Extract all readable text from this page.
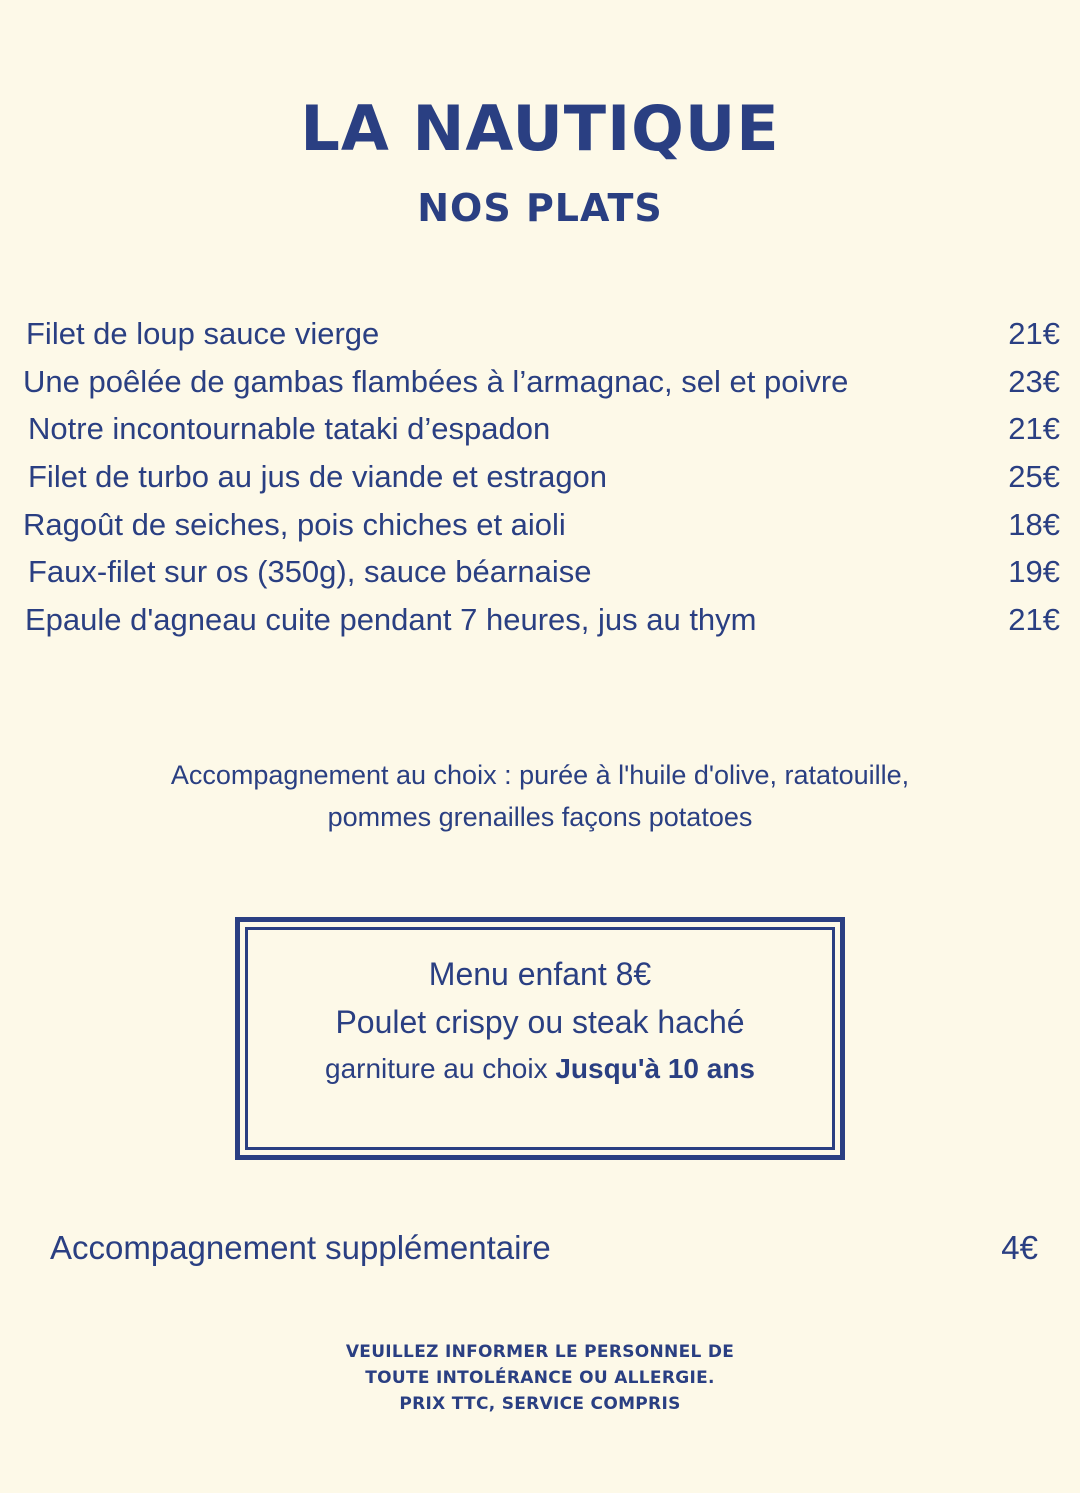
LA NAUTIQUE
NOS PLATS
Filet de loup sauce vierge	21€
Une poêlée de gambas flambées à l’armagnac, sel et poivre	23€
Notre incontournable tataki d’espadon	21€
Filet de turbo au jus de viande et estragon	25€
Ragoût de seiches, pois chiches et aioli	18€
Faux-filet sur os (350g), sauce béarnaise	19€
Epaule d'agneau cuite pendant 7 heures, jus au thym	21€
Accompagnement au choix : purée à l'huile d'olive, ratatouille,
pommes grenailles façons potatoes
Menu enfant 8€
Poulet crispy ou steak haché
garniture au choix Jusqu'à 10 ans
Accompagnement supplémentaire	4€
VEUILLEZ INFORMER LE PERSONNEL DE
TOUTE INTOLÉRANCE OU ALLERGIE.
PRIX TTC, SERVICE COMPRIS
